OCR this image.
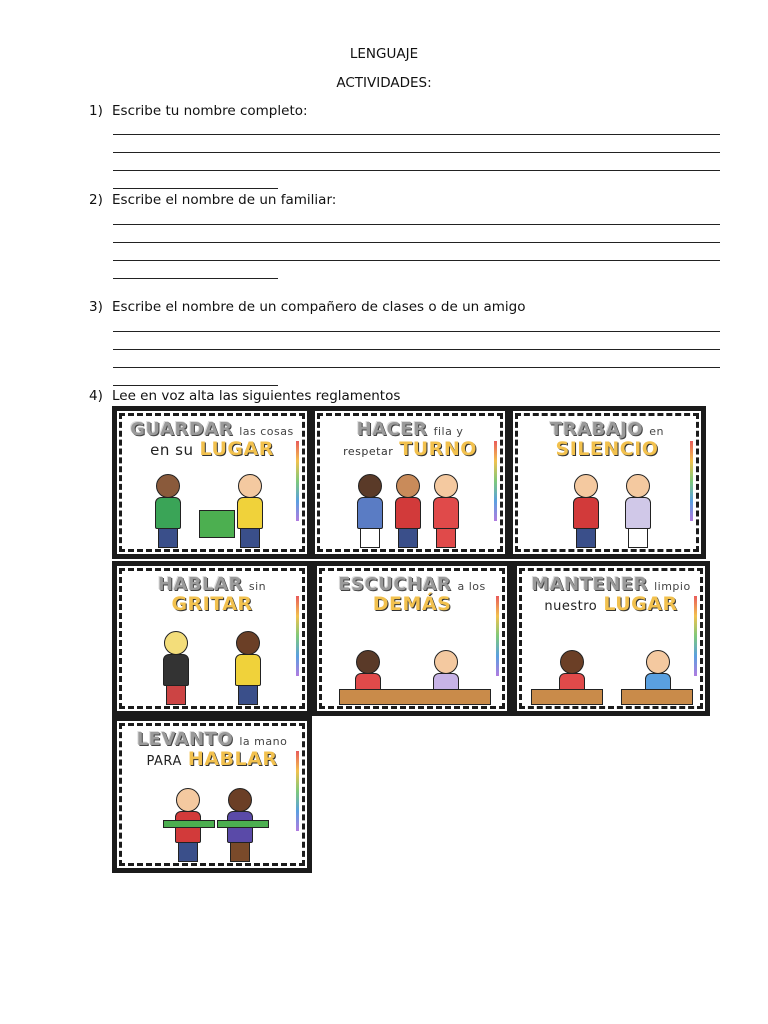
LENGUAJE
ACTIVIDADES:
1) Escribe tu nombre completo:
2) Escribe el nombre de un familiar:
3) Escribe el nombre de un compañero de clases o de un amigo
4) Lee en voz alta las siguientes reglamentos
GUARDAR las cosas
en su LUGAR
HACER fila y
respetar TURNO
TRABAJO en
SILENCIO
HABLAR sin
GRITAR
ESCUCHAR a los
DEMÁS
MANTENER limpio
nuestro LUGAR
LEVANTO la mano
PARA HABLAR
